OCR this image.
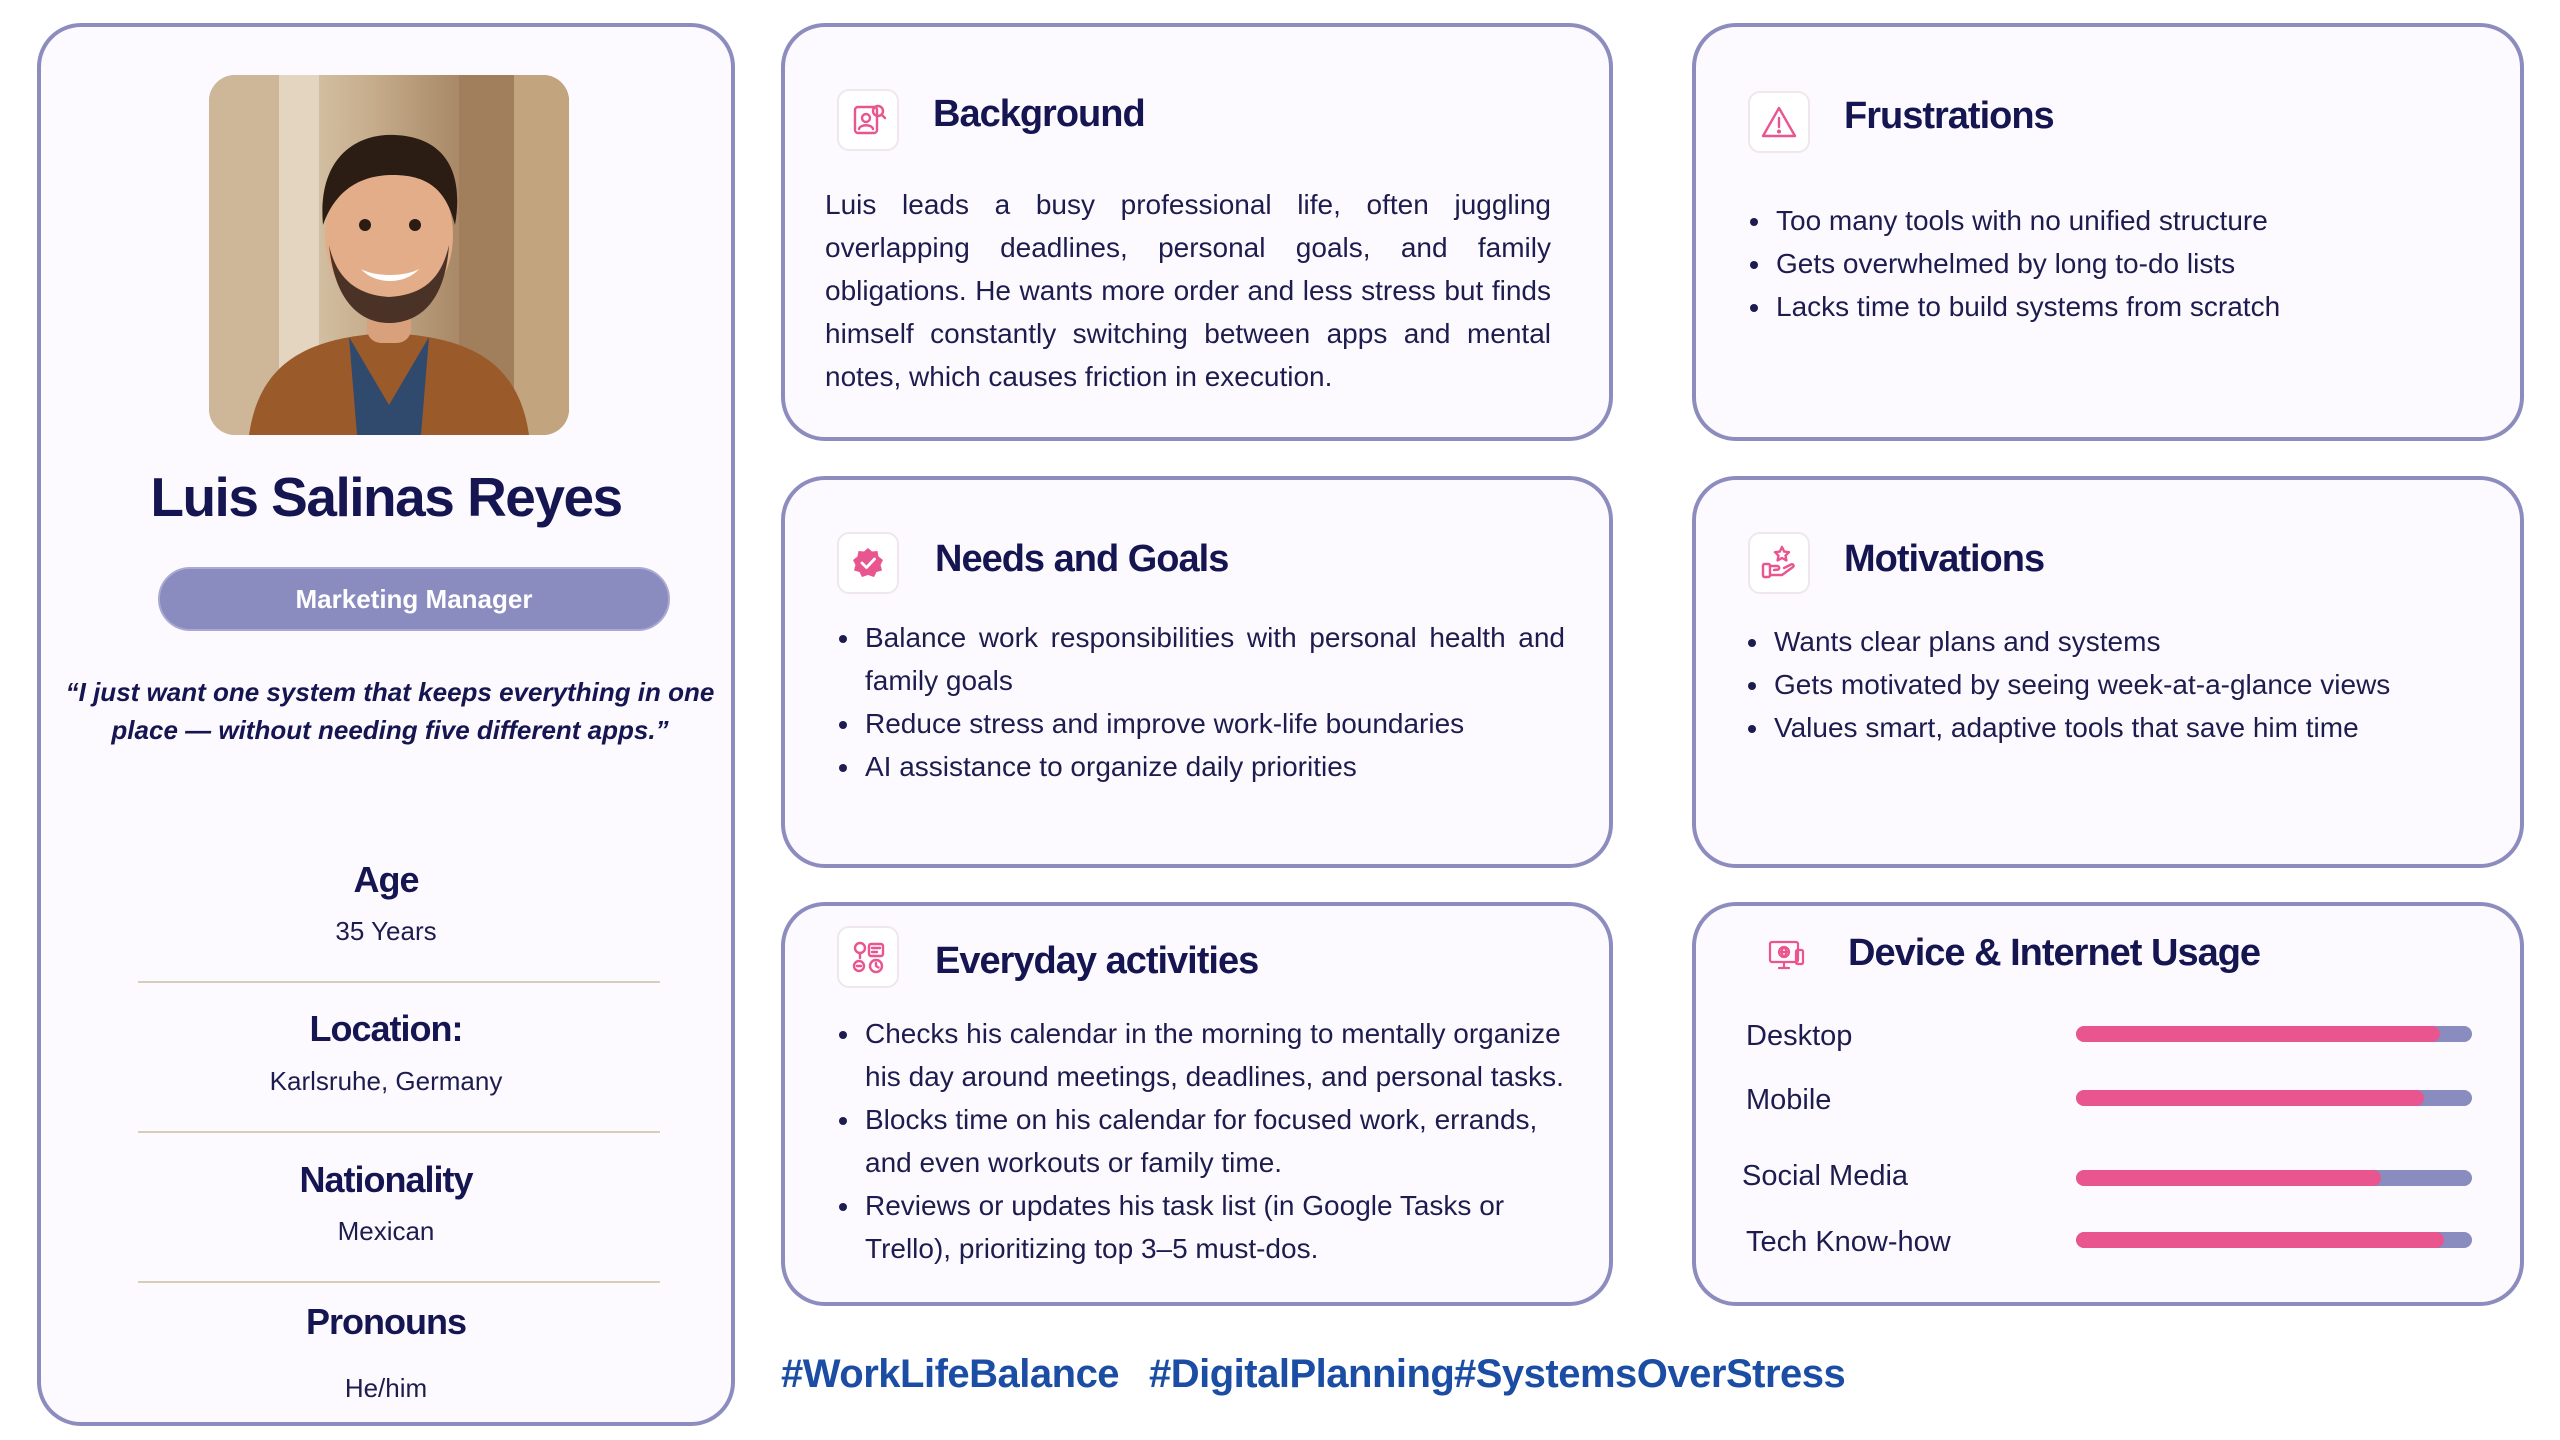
Luis Salinas Reyes
Marketing Manager
“I just want one system that keeps everything in one place — without needing five different apps.”
Age
35 Years
Location:
Karlsruhe, Germany
Nationality
Mexican
Pronouns
He/him
Background
Luis leads a busy professional life, often juggling overlapping deadlines, personal goals, and family obligations. He wants more order and less stress but finds himself constantly switching between apps and mental notes, which causes friction in execution.
Frustrations
Too many tools with no unified structure
Gets overwhelmed by long to-do lists
Lacks time to build systems from scratch
Needs and Goals
Balance work responsibilities with personal health and family goals
Reduce stress and improve work-life boundaries
AI assistance to organize daily priorities
Motivations
Wants clear plans and systems
Gets motivated by seeing week-at-a-glance views
Values smart, adaptive tools that save him time
Everyday activities
Checks his calendar in the morning to mentally organize his day around meetings, deadlines, and personal tasks.
Blocks time on his calendar for focused work, errands, and even workouts or family time.
Reviews or updates his task list (in Google Tasks or Trello), prioritizing top 3–5 must-dos.
Device & Internet Usage
Desktop
Mobile
Social Media
Tech Know-how
#WorkLifeBalance #DigitalPlanning #SystemsOverStress
